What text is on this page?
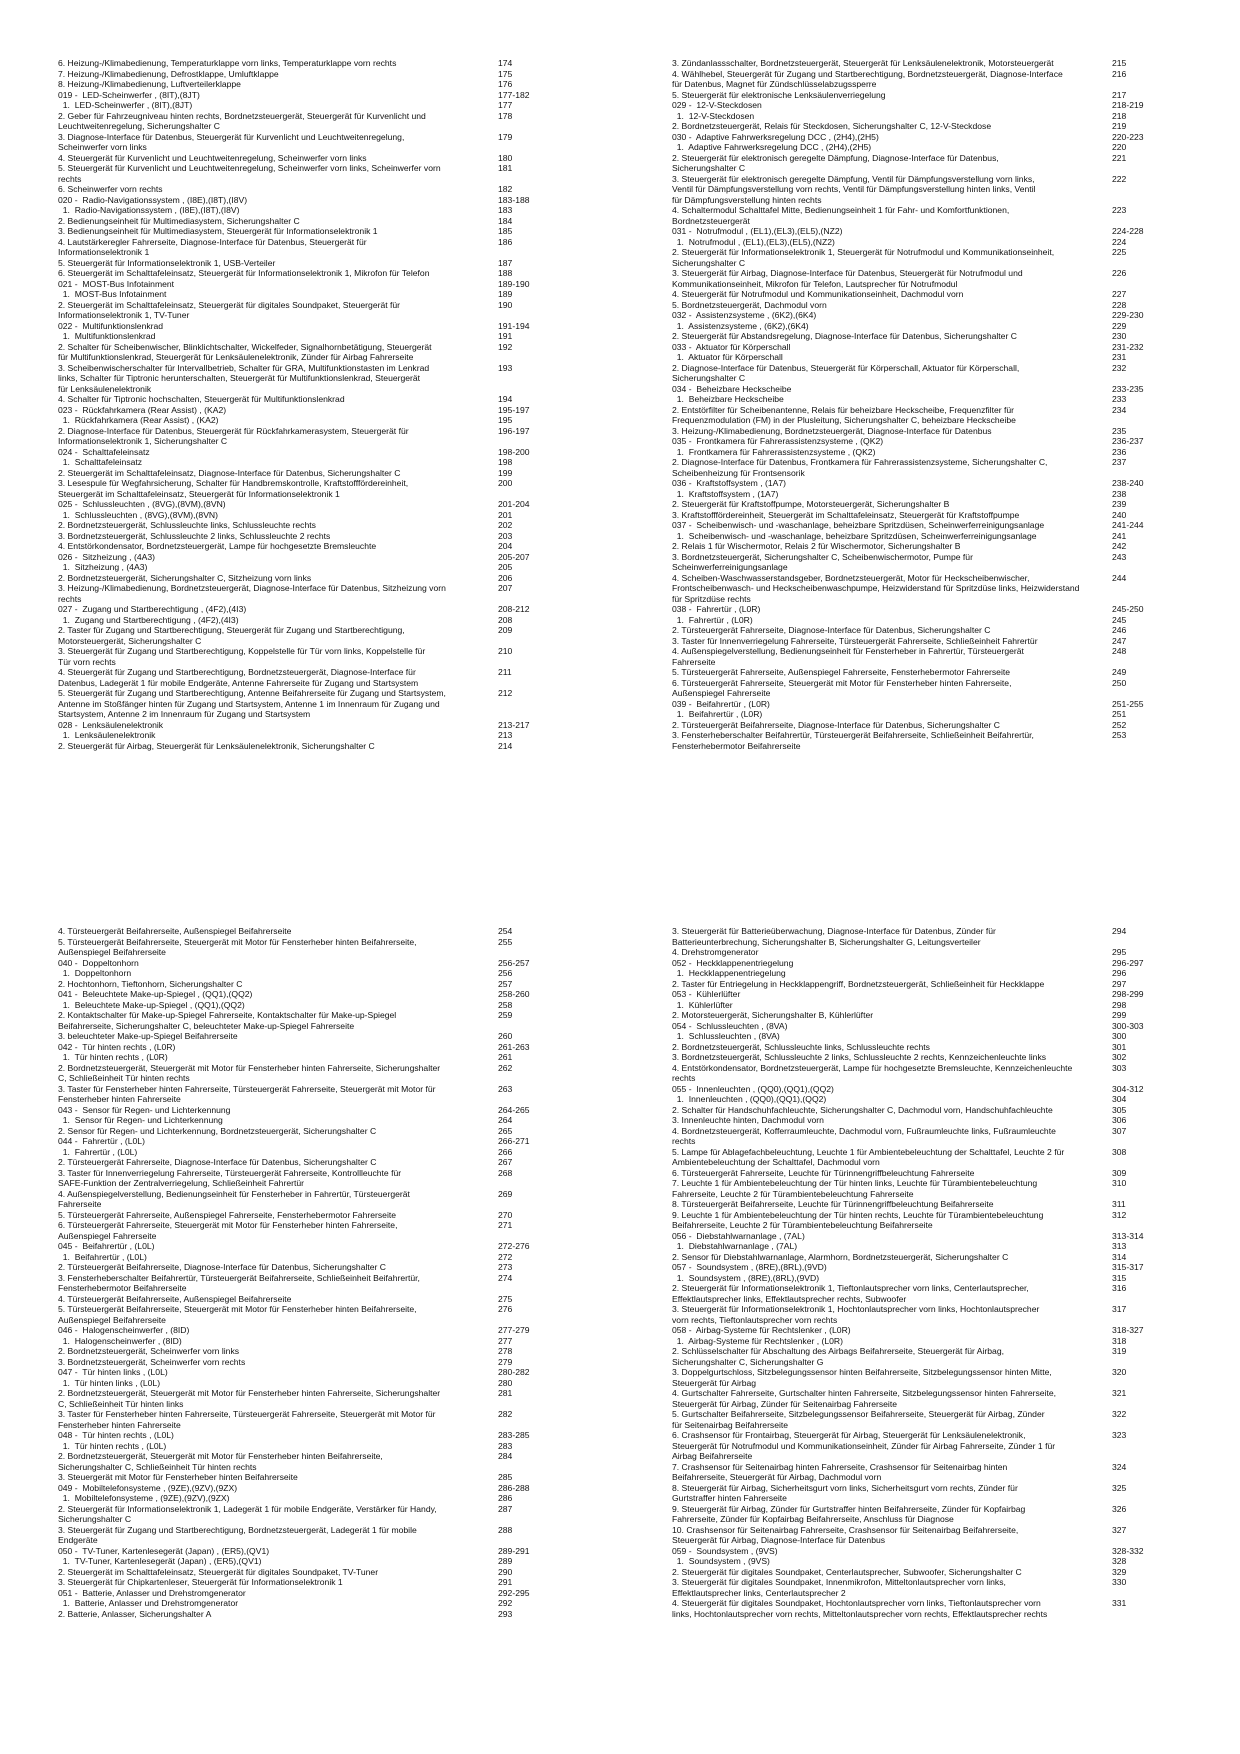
6. Heizung-/Klimabedienung, Temperaturklappe vorn links, Temperaturklappe vorn rechts	174
7. Heizung-/Klimabedienung, Defrostklappe, Umluftklappe	175
8. Heizung-/Klimabedienung, Luftverteilerklappe	176
019 -  LED-Scheinwerfer , (8IT),(8JT)	177-182
1.  LED-Scheinwerfer , (8IT),(8JT)	177
2. Geber für Fahrzeugniveau hinten rechts, Bordnetzsteuergerät, Steuergerät für Kurvenlicht und	178
Leuchtweitenregelung, Sicherungshalter C
3. Diagnose-Interface für Datenbus, Steuergerät für Kurvenlicht und Leuchtweitenregelung,	179
Scheinwerfer vorn links
4. Steuergerät für Kurvenlicht und Leuchtweitenregelung, Scheinwerfer vorn links	180
5. Steuergerät für Kurvenlicht und Leuchtweitenregelung, Scheinwerfer vorn links, Scheinwerfer vorn	181
rechts
6. Scheinwerfer vorn rechts	182
020 -  Radio-Navigationssystem , (I8E),(I8T),(I8V)	183-188
1.  Radio-Navigationssystem , (I8E),(I8T),(I8V)	183
2. Bedienungseinheit für Multimediasystem, Sicherungshalter C	184
3. Bedienungseinheit für Multimediasystem, Steuergerät für Informationselektronik 1	185
4. Lautstärkeregler Fahrerseite, Diagnose-Interface für Datenbus, Steuergerät für	186
Informationselektronik 1
5. Steuergerät für Informationselektronik 1, USB-Verteiler	187
6. Steuergerät im Schalttafeleinsatz, Steuergerät für Informationselektronik 1, Mikrofon für Telefon	188
021 -  MOST-Bus Infotainment	189-190
1.  MOST-Bus Infotainment	189
2. Steuergerät im Schalttafeleinsatz, Steuergerät für digitales Soundpaket, Steuergerät für	190
Informationselektronik 1, TV-Tuner
022 -  Multifunktionslenkrad	191-194
1.  Multifunktionslenkrad	191
2. Schalter für Scheibenwischer, Blinklichtschalter, Wickelfeder, Signalhornbetätigung, Steuergerät	192
für Multifunktionslenkrad, Steuergerät für Lenksäulenelektronik, Zünder für Airbag Fahrerseite
3. Scheibenwischerschalter für Intervallbetrieb, Schalter für GRA, Multifunktionstasten im Lenkrad	193
links, Schalter für Tiptronic herunterschalten, Steuergerät für Multifunktionslenkrad, Steuergerät
für Lenksäulenelektronik
4. Schalter für Tiptronic hochschalten, Steuergerät für Multifunktionslenkrad	194
023 -  Rückfahrkamera (Rear Assist) , (KA2)	195-197
1.  Rückfahrkamera (Rear Assist) , (KA2)	195
2. Diagnose-Interface für Datenbus, Steuergerät für Rückfahrkamerasystem, Steuergerät für	196-197
Informationselektronik 1, Sicherungshalter C
024 -  Schalttafeleinsatz	198-200
1.  Schalttafeleinsatz	198
2. Steuergerät im Schalttafeleinsatz, Diagnose-Interface für Datenbus, Sicherungshalter C	199
3. Lesespule für Wegfahrsicherung, Schalter für Handbremskontrolle, Kraftstofffördereinheit,	200
Steuergerät im Schalttafeleinsatz, Steuergerät für Informationselektronik 1
025 -  Schlussleuchten , (8VG),(8VM),(8VN)	201-204
1.  Schlussleuchten , (8VG),(8VM),(8VN)	201
2. Bordnetzsteuergerät, Schlussleuchte links, Schlussleuchte rechts	202
3. Bordnetzsteuergerät, Schlussleuchte 2 links, Schlussleuchte 2 rechts	203
4. Entstörkondensator, Bordnetzsteuergerät, Lampe für hochgesetzte Bremsleuchte	204
026 -  Sitzheizung , (4A3)	205-207
1.  Sitzheizung , (4A3)	205
2. Bordnetzsteuergerät, Sicherungshalter C, Sitzheizung vorn links	206
3. Heizung-/Klimabedienung, Bordnetzsteuergerät, Diagnose-Interface für Datenbus, Sitzheizung vorn	207
rechts
027 -  Zugang und Startberechtigung , (4F2),(4I3)	208-212
1.  Zugang und Startberechtigung , (4F2),(4I3)	208
2. Taster für Zugang und Startberechtigung, Steuergerät für Zugang und Startberechtigung,	209
Motorsteuergerät, Sicherungshalter C
3. Steuergerät für Zugang und Startberechtigung, Koppelstelle für Tür vorn links, Koppelstelle für	210
Tür vorn rechts
4. Steuergerät für Zugang und Startberechtigung, Bordnetzsteuergerät, Diagnose-Interface für	211
Datenbus, Ladegerät 1 für mobile Endgeräte, Antenne Fahrerseite für Zugang und Startsystem
5. Steuergerät für Zugang und Startberechtigung, Antenne Beifahrerseite für Zugang und Startsystem,	212
Antenne im Stoßfänger hinten für Zugang und Startsystem, Antenne 1 im Innenraum für Zugang und
Startsystem, Antenne 2 im Innenraum für Zugang und Startsystem
028 -  Lenksäulenelektronik	213-217
1.  Lenksäulenelektronik	213
2. Steuergerät für Airbag, Steuergerät für Lenksäulenelektronik, Sicherungshalter C	214
3. Zündanlassschalter, Bordnetzsteuergerät, Steuergerät für Lenksäulenelektronik, Motorsteuergerät	215
4. Wählhebel, Steuergerät für Zugang und Startberechtigung, Bordnetzsteuergerät, Diagnose-Interface	216
für Datenbus, Magnet für Zündschlüsselabzugssperre
5. Steuergerät für elektronische Lenksäulenverriegelung	217
029 -  12-V-Steckdosen	218-219
1.  12-V-Steckdosen	218
2. Bordnetzsteuergerät, Relais für Steckdosen, Sicherungshalter C, 12-V-Steckdose	219
030 -  Adaptive Fahrwerksregelung DCC , (2H4),(2H5)	220-223
1.  Adaptive Fahrwerksregelung DCC , (2H4),(2H5)	220
2. Steuergerät für elektronisch geregelte Dämpfung, Diagnose-Interface für Datenbus,	221
Sicherungshalter C
3. Steuergerät für elektronisch geregelte Dämpfung, Ventil für Dämpfungsverstellung vorn links,	222
Ventil für Dämpfungsverstellung vorn rechts, Ventil für Dämpfungsverstellung hinten links, Ventil
für Dämpfungsverstellung hinten rechts
4. Schaltermodul Schalttafel Mitte, Bedienungseinheit 1 für Fahr- und Komfortfunktionen,	223
Bordnetzsteuergerät
031 -  Notrufmodul , (EL1),(EL3),(EL5),(NZ2)	224-228
1.  Notrufmodul , (EL1),(EL3),(EL5),(NZ2)	224
2. Steuergerät für Informationselektronik 1, Steuergerät für Notrufmodul und Kommunikationseinheit,	225
Sicherungshalter C
3. Steuergerät für Airbag, Diagnose-Interface für Datenbus, Steuergerät für Notrufmodul und	226
Kommunikationseinheit, Mikrofon für Telefon, Lautsprecher für Notrufmodul
4. Steuergerät für Notrufmodul und Kommunikationseinheit, Dachmodul vorn	227
5. Bordnetzsteuergerät, Dachmodul vorn	228
032 -  Assistenzsysteme , (6K2),(6K4)	229-230
1.  Assistenzsysteme , (6K2),(6K4)	229
2. Steuergerät für Abstandsregelung, Diagnose-Interface für Datenbus, Sicherungshalter C	230
033 -  Aktuator für Körperschall	231-232
1.  Aktuator für Körperschall	231
2. Diagnose-Interface für Datenbus, Steuergerät für Körperschall, Aktuator für Körperschall,	232
Sicherungshalter C
034 -  Beheizbare Heckscheibe	233-235
1.  Beheizbare Heckscheibe	233
2. Entstörfilter für Scheibenantenne, Relais für beheizbare Heckscheibe, Frequenzfilter für	234
Frequenzmodulation (FM) in der Plusleitung, Sicherungshalter C, beheizbare Heckscheibe
3. Heizung-/Klimabedienung, Bordnetzsteuergerät, Diagnose-Interface für Datenbus	235
035 -  Frontkamera für Fahrerassistenzsysteme , (QK2)	236-237
1.  Frontkamera für Fahrerassistenzsysteme , (QK2)	236
2. Diagnose-Interface für Datenbus, Frontkamera für Fahrerassistenzsysteme, Sicherungshalter C,	237
Scheibenheizung für Frontsensorik
036 -  Kraftstoffsystem , (1A7)	238-240
1.  Kraftstoffsystem , (1A7)	238
2. Steuergerät für Kraftstoffpumpe, Motorsteuergerät, Sicherungshalter B	239
3. Kraftstofffördereinheit, Steuergerät im Schalttafeleinsatz, Steuergerät für Kraftstoffpumpe	240
037 -  Scheibenwisch- und -waschanlage, beheizbare Spritzdüsen, Scheinwerferreinigungsanlage	241-244
1.  Scheibenwisch- und -waschanlage, beheizbare Spritzdüsen, Scheinwerferreinigungsanlage	241
2. Relais 1 für Wischermotor, Relais 2 für Wischermotor, Sicherungshalter B	242
3. Bordnetzsteuergerät, Sicherungshalter C, Scheibenwischermotor, Pumpe für	243
Scheinwerferreinigungsanlage
4. Scheiben-Waschwasserstandsgeber, Bordnetzsteuergerät, Motor für Heckscheibenwischer,	244
Frontscheibenwasch- und Heckscheibenwaschpumpe, Heizwiderstand für Spritzdüse links, Heizwiderstand
für Spritzdüse rechts
038 -  Fahrertür , (L0R)	245-250
1.  Fahrertür , (L0R)	245
2. Türsteuergerät Fahrerseite, Diagnose-Interface für Datenbus, Sicherungshalter C	246
3. Taster für Innenverriegelung Fahrerseite, Türsteuergerät Fahrerseite, Schließeinheit Fahrertür	247
4. Außenspiegelverstellung, Bedienungseinheit für Fensterheber in Fahrertür, Türsteuergerät	248
Fahrerseite
5. Türsteuergerät Fahrerseite, Außenspiegel Fahrerseite, Fensterhebermotor Fahrerseite	249
6. Türsteuergerät Fahrerseite, Steuergerät mit Motor für Fensterheber hinten Fahrerseite,	250
Außenspiegel Fahrerseite
039 -  Beifahrertür , (L0R)	251-255
1.  Beifahrertür , (L0R)	251
2. Türsteuergerät Beifahrerseite, Diagnose-Interface für Datenbus, Sicherungshalter C	252
3. Fensterheberschalter Beifahrertür, Türsteuergerät Beifahrerseite, Schließeinheit Beifahrertür,	253
Fensterhebermotor Beifahrerseite
4. Türsteuergerät Beifahrerseite, Außenspiegel Beifahrerseite	254
5. Türsteuergerät Beifahrerseite, Steuergerät mit Motor für Fensterheber hinten Beifahrerseite,	255
Außenspiegel Beifahrerseite
040 -  Doppeltonhorn	256-257
1.  Doppeltonhorn	256
2. Hochtonhorn, Tieftonhorn, Sicherungshalter C	257
041 -  Beleuchtete Make-up-Spiegel , (QQ1),(QQ2)	258-260
1.  Beleuchtete Make-up-Spiegel , (QQ1),(QQ2)	258
2. Kontaktschalter für Make-up-Spiegel Fahrerseite, Kontaktschalter für Make-up-Spiegel	259
Beifahrerseite, Sicherungshalter C, beleuchteter Make-up-Spiegel Fahrerseite
3. beleuchteter Make-up-Spiegel Beifahrerseite	260
042 -  Tür hinten rechts , (L0R)	261-263
1.  Tür hinten rechts , (L0R)	261
2. Bordnetzsteuergerät, Steuergerät mit Motor für Fensterheber hinten Fahrerseite, Sicherungshalter	262
C, Schließeinheit Tür hinten rechts
3. Taster für Fensterheber hinten Fahrerseite, Türsteuergerät Fahrerseite, Steuergerät mit Motor für	263
Fensterheber hinten Fahrerseite
043 -  Sensor für Regen- und Lichterkennung	264-265
1.  Sensor für Regen- und Lichterkennung	264
2. Sensor für Regen- und Lichterkennung, Bordnetzsteuergerät, Sicherungshalter C	265
044 -  Fahrertür , (L0L)	266-271
1.  Fahrertür , (L0L)	266
2. Türsteuergerät Fahrerseite, Diagnose-Interface für Datenbus, Sicherungshalter C	267
3. Taster für Innenverriegelung Fahrerseite, Türsteuergerät Fahrerseite, Kontrollleuchte für	268
SAFE-Funktion der Zentralverriegelung, Schließeinheit Fahrertür
4. Außenspiegelverstellung, Bedienungseinheit für Fensterheber in Fahrertür, Türsteuergerät	269
Fahrerseite
5. Türsteuergerät Fahrerseite, Außenspiegel Fahrerseite, Fensterhebermotor Fahrerseite	270
6. Türsteuergerät Fahrerseite, Steuergerät mit Motor für Fensterheber hinten Fahrerseite,	271
Außenspiegel Fahrerseite
045 -  Beifahrertür , (L0L)	272-276
1.  Beifahrertür , (L0L)	272
2. Türsteuergerät Beifahrerseite, Diagnose-Interface für Datenbus, Sicherungshalter C	273
3. Fensterheberschalter Beifahrertür, Türsteuergerät Beifahrerseite, Schließeinheit Beifahrertür,	274
Fensterhebermotor Beifahrerseite
4. Türsteuergerät Beifahrerseite, Außenspiegel Beifahrerseite	275
5. Türsteuergerät Beifahrerseite, Steuergerät mit Motor für Fensterheber hinten Beifahrerseite,	276
Außenspiegel Beifahrerseite
046 -  Halogenscheinwerfer , (8ID)	277-279
1.  Halogenscheinwerfer , (8ID)	277
2. Bordnetzsteuergerät, Scheinwerfer vorn links	278
3. Bordnetzsteuergerät, Scheinwerfer vorn rechts	279
047 -  Tür hinten links , (L0L)	280-282
1.  Tür hinten links , (L0L)	280
2. Bordnetzsteuergerät, Steuergerät mit Motor für Fensterheber hinten Fahrerseite, Sicherungshalter	281
C, Schließeinheit Tür hinten links
3. Taster für Fensterheber hinten Fahrerseite, Türsteuergerät Fahrerseite, Steuergerät mit Motor für	282
Fensterheber hinten Fahrerseite
048 -  Tür hinten rechts , (L0L)	283-285
1.  Tür hinten rechts , (L0L)	283
2. Bordnetzsteuergerät, Steuergerät mit Motor für Fensterheber hinten Beifahrerseite,	284
Sicherungshalter C, Schließeinheit Tür hinten rechts
3. Steuergerät mit Motor für Fensterheber hinten Beifahrerseite	285
049 -  Mobiltelefonsysteme , (9ZE),(9ZV),(9ZX)	286-288
1.  Mobiltelefonsysteme , (9ZE),(9ZV),(9ZX)	286
2. Steuergerät für Informationselektronik 1, Ladegerät 1 für mobile Endgeräte, Verstärker für Handy,	287
Sicherungshalter C
3. Steuergerät für Zugang und Startberechtigung, Bordnetzsteuergerät, Ladegerät 1 für mobile	288
Endgeräte
050 -  TV-Tuner, Kartenlesegerät (Japan) , (ER5),(QV1)	289-291
1.  TV-Tuner, Kartenlesegerät (Japan) , (ER5),(QV1)	289
2. Steuergerät im Schalttafeleinsatz, Steuergerät für digitales Soundpaket, TV-Tuner	290
3. Steuergerät für Chipkartenleser, Steuergerät für Informationselektronik 1	291
051 -  Batterie, Anlasser und Drehstromgenerator	292-295
1.  Batterie, Anlasser und Drehstromgenerator	292
2. Batterie, Anlasser, Sicherungshalter A	293
3. Steuergerät für Batterieüberwachung, Diagnose-Interface für Datenbus, Zünder für	294
Batterieunterbrechung, Sicherungshalter B, Sicherungshalter G, Leitungsverteiler
4. Drehstromgenerator	295
052 -  Heckklappenentriegelung	296-297
1.  Heckklappenentriegelung	296
2. Taster für Entriegelung in Heckklappengriff, Bordnetzsteuergerät, Schließeinheit für Heckklappe	297
053 -  Kühlerlüfter	298-299
1.  Kühlerlüfter	298
2. Motorsteuergerät, Sicherungshalter B, Kühlerlüfter	299
054 -  Schlussleuchten , (8VA)	300-303
1.  Schlussleuchten , (8VA)	300
2. Bordnetzsteuergerät, Schlussleuchte links, Schlussleuchte rechts	301
3. Bordnetzsteuergerät, Schlussleuchte 2 links, Schlussleuchte 2 rechts, Kennzeichenleuchte links	302
4. Entstörkondensator, Bordnetzsteuergerät, Lampe für hochgesetzte Bremsleuchte, Kennzeichenleuchte	303
rechts
055 -  Innenleuchten , (QQ0),(QQ1),(QQ2)	304-312
1.  Innenleuchten , (QQ0),(QQ1),(QQ2)	304
2. Schalter für Handschuhfachleuchte, Sicherungshalter C, Dachmodul vorn, Handschuhfachleuchte	305
3. Innenleuchte hinten, Dachmodul vorn	306
4. Bordnetzsteuergerät, Kofferraumleuchte, Dachmodul vorn, Fußraumleuchte links, Fußraumleuchte	307
rechts
5. Lampe für Ablagefachbeleuchtung, Leuchte 1 für Ambientebeleuchtung der Schalttafel, Leuchte 2 für	308
Ambientebeleuchtung der Schalttafel, Dachmodul vorn
6. Türsteuergerät Fahrerseite, Leuchte für Türinnengriffbeleuchtung Fahrerseite	309
7. Leuchte 1 für Ambientebeleuchtung der Tür hinten links, Leuchte für Türambientebeleuchtung	310
Fahrerseite, Leuchte 2 für Türambientebeleuchtung Fahrerseite
8. Türsteuergerät Beifahrerseite, Leuchte für Türinnengriffbeleuchtung Beifahrerseite	311
9. Leuchte 1 für Ambientebeleuchtung der Tür hinten rechts, Leuchte für Türambientebeleuchtung	312
Beifahrerseite, Leuchte 2 für Türambientebeleuchtung Beifahrerseite
056 -  Diebstahlwarnanlage , (7AL)	313-314
1.  Diebstahlwarnanlage , (7AL)	313
2. Sensor für Diebstahlwarnanlage, Alarmhorn, Bordnetzsteuergerät, Sicherungshalter C	314
057 -  Soundsystem , (8RE),(8RL),(9VD)	315-317
1.  Soundsystem , (8RE),(8RL),(9VD)	315
2. Steuergerät für Informationselektronik 1, Tieftonlautsprecher vorn links, Centerlautsprecher,	316
Effektlautsprecher links, Effektlautsprecher rechts, Subwoofer
3. Steuergerät für Informationselektronik 1, Hochtonlautsprecher vorn links, Hochtonlautsprecher	317
vorn rechts, Tieftonlautsprecher vorn rechts
058 -  Airbag-Systeme für Rechtslenker , (L0R)	318-327
1.  Airbag-Systeme für Rechtslenker , (L0R)	318
2. Schlüsselschalter für Abschaltung des Airbags Beifahrerseite, Steuergerät für Airbag,	319
Sicherungshalter C, Sicherungshalter G
3. Doppelgurtschloss, Sitzbelegungssensor hinten Beifahrerseite, Sitzbelegungssensor hinten Mitte,	320
Steuergerät für Airbag
4. Gurtschalter Fahrerseite, Gurtschalter hinten Fahrerseite, Sitzbelegungssensor hinten Fahrerseite,	321
Steuergerät für Airbag, Zünder für Seitenairbag Fahrerseite
5. Gurtschalter Beifahrerseite, Sitzbelegungssensor Beifahrerseite, Steuergerät für Airbag, Zünder	322
für Seitenairbag Beifahrerseite
6. Crashsensor für Frontairbag, Steuergerät für Airbag, Steuergerät für Lenksäulenelektronik,	323
Steuergerät für Notrufmodul und Kommunikationseinheit, Zünder für Airbag Fahrerseite, Zünder 1 für
Airbag Beifahrerseite
7. Crashsensor für Seitenairbag hinten Fahrerseite, Crashsensor für Seitenairbag hinten	324
Beifahrerseite, Steuergerät für Airbag, Dachmodul vorn
8. Steuergerät für Airbag, Sicherheitsgurt vorn links, Sicherheitsgurt vorn rechts, Zünder für	325
Gurtstraffer hinten Fahrerseite
9. Steuergerät für Airbag, Zünder für Gurtstraffer hinten Beifahrerseite, Zünder für Kopfairbag	326
Fahrerseite, Zünder für Kopfairbag Beifahrerseite, Anschluss für Diagnose
10. Crashsensor für Seitenairbag Fahrerseite, Crashsensor für Seitenairbag Beifahrerseite,	327
Steuergerät für Airbag, Diagnose-Interface für Datenbus
059 -  Soundsystem , (9VS)	328-332
1.  Soundsystem , (9VS)	328
2. Steuergerät für digitales Soundpaket, Centerlautsprecher, Subwoofer, Sicherungshalter C	329
3. Steuergerät für digitales Soundpaket, Innenmikrofon, Mitteltonlautsprecher vorn links,	330
Effektlautsprecher links, Centerlautsprecher 2
4. Steuergerät für digitales Soundpaket, Hochtonlautsprecher vorn links, Tieftonlautsprecher vorn	331
links, Hochtonlautsprecher vorn rechts, Mitteltonlautsprecher vorn rechts, Effektlautsprecher rechts
